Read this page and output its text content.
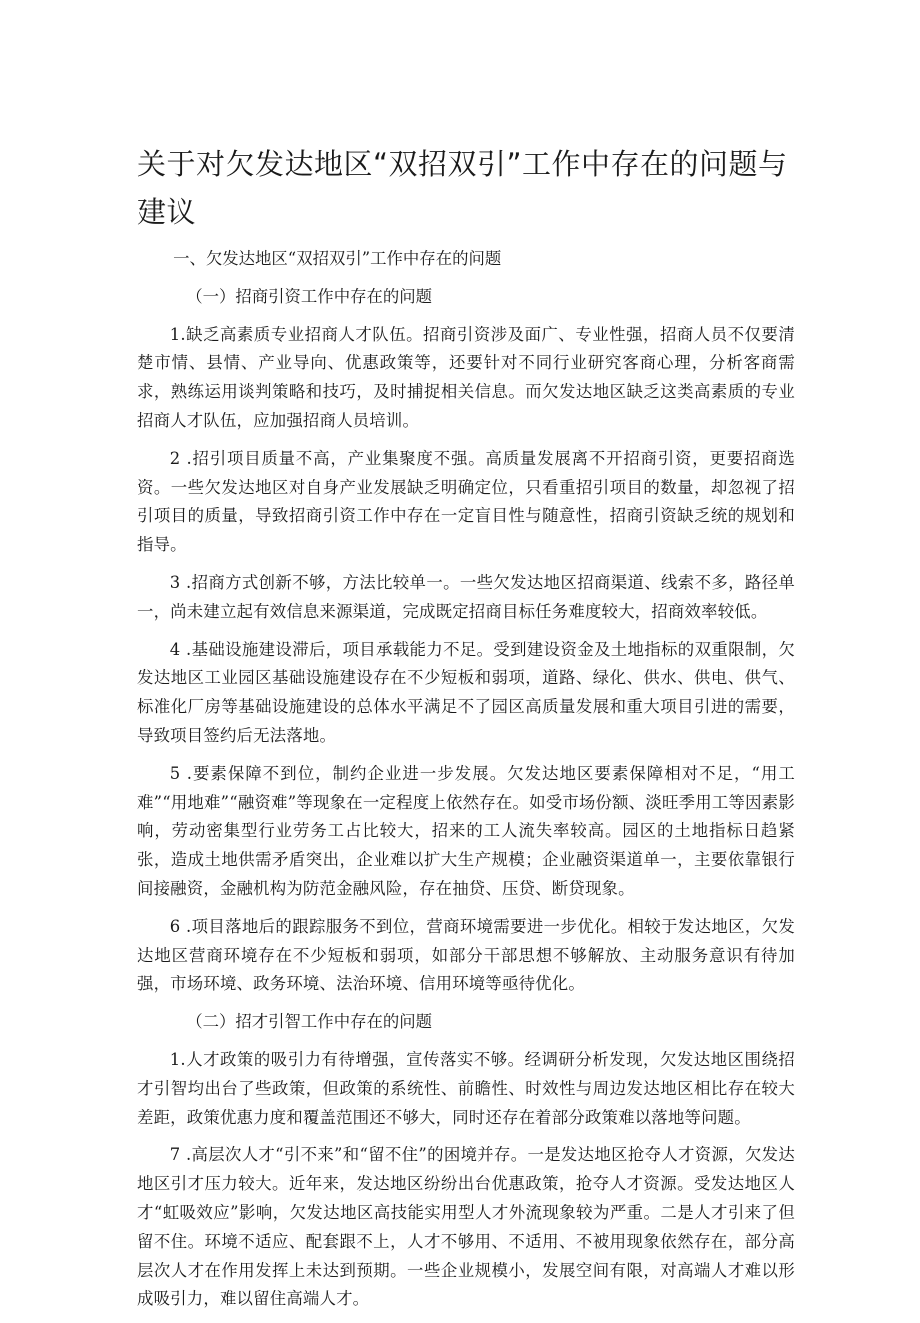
关于对欠发达地区“双招双引”工作中存在的问题与建议

一、欠发达地区“双招双引”工作中存在的问题

（一）招商引资工作中存在的问题

1.缺乏高素质专业招商人才队伍。招商引资涉及面广、专业性强，招商人员不仅要清楚市情、县情、产业导向、优惠政策等，还要针对不同行业研究客商心理，分析客商需求，熟练运用谈判策略和技巧，及时捕捉相关信息。而欠发达地区缺乏这类高素质的专业招商人才队伍，应加强招商人员培训。

2 .招引项目质量不高，产业集聚度不强。高质量发展离不开招商引资，更要招商选资。一些欠发达地区对自身产业发展缺乏明确定位，只看重招引项目的数量，却忽视了招引项目的质量，导致招商引资工作中存在一定盲目性与随意性，招商引资缺乏统的规划和指导。

3 .招商方式创新不够，方法比较单一。一些欠发达地区招商渠道、线索不多，路径单一，尚未建立起有效信息来源渠道，完成既定招商目标任务难度较大，招商效率较低。

4 .基础设施建设滞后，项目承载能力不足。受到建设资金及土地指标的双重限制，欠发达地区工业园区基础设施建设存在不少短板和弱项，道路、绿化、供水、供电、供气、标准化厂房等基础设施建设的总体水平满足不了园区高质量发展和重大项目引进的需要，导致项目签约后无法落地。

5 .要素保障不到位，制约企业进一步发展。欠发达地区要素保障相对不足，“用工难”“用地难”“融资难”等现象在一定程度上依然存在。如受市场份额、淡旺季用工等因素影响，劳动密集型行业劳务工占比较大，招来的工人流失率较高。园区的土地指标日趋紧张，造成土地供需矛盾突出，企业难以扩大生产规模；企业融资渠道单一，主要依靠银行间接融资，金融机构为防范金融风险，存在抽贷、压贷、断贷现象。

6 .项目落地后的跟踪服务不到位，营商环境需要进一步优化。相较于发达地区，欠发达地区营商环境存在不少短板和弱项，如部分干部思想不够解放、主动服务意识有待加强，市场环境、政务环境、法治环境、信用环境等亟待优化。

（二）招才引智工作中存在的问题

1.人才政策的吸引力有待增强，宣传落实不够。经调研分析发现，欠发达地区围绕招才引智均出台了些政策，但政策的系统性、前瞻性、时效性与周边发达地区相比存在较大差距，政策优惠力度和覆盖范围还不够大，同时还存在着部分政策难以落地等问题。

7 .高层次人才“引不来”和“留不住”的困境并存。一是发达地区抢夺人才资源，欠发达地区引才压力较大。近年来，发达地区纷纷出台优惠政策，抢夺人才资源。受发达地区人才“虹吸效应”影响，欠发达地区高技能实用型人才外流现象较为严重。二是人才引来了但留不住。环境不适应、配套跟不上，人才不够用、不适用、不被用现象依然存在，部分高层次人才在作用发挥上未达到预期。一些企业规模小，发展空间有限，对高端人才难以形成吸引力，难以留住高端人才。
